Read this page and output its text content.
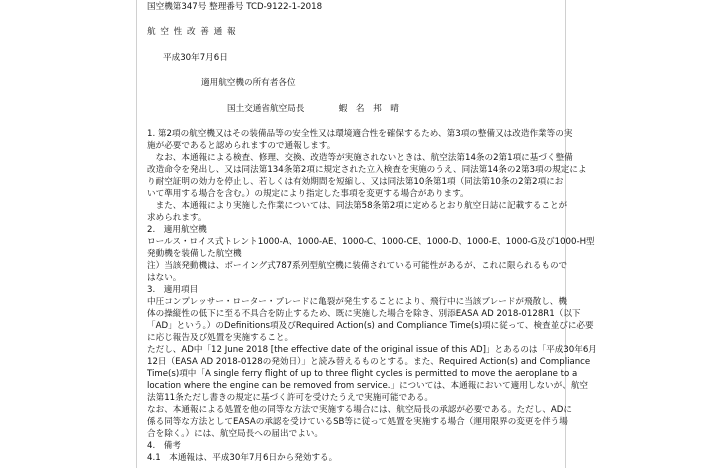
国空機第347号 整理番号 TCD-9122-1-2018
航 空 性 改 善 通 報
平成30年7月6日
適用航空機の所有者各位
国土交通省航空局長　　　　蝦　名　邦　晴
1. 第2項の航空機又はその装備品等の安全性又は環境適合性を確保するため、第3項の整備又は改造作業等の実
施が必要であると認められますので通報します。
　なお、本通報による検査、修理、交換、改造等が実施されないときは、航空法第14条の2第1項に基づく整備
改造命令を発出し、又は同法第134条第2項に規定された立入検査を実施のうえ、同法第14条の2第3項の規定によ
り耐空証明の効力を停止し、若しくは有効期間を短縮し、又は同法第10条第1項（同法第10条の2第2項にお
いて準用する場合を含む。）の規定により指定した事項を変更する場合があります。
　また、本通報により実施した作業については、同法第58条第2項に定めるとおり航空日誌に記載することが
求められます。
2.　適用航空機
ロールス・ロイス式トレント1000-A、1000-AE、1000-C、1000-CE、1000-D、1000-E、1000-G及び1000-H型
発動機を装備した航空機
注）当該発動機は、ボーイング式787系列型航空機に装備されている可能性があるが、これに限られるもので
はない。
3.　適用項目
中圧コンプレッサー・ローター・ブレードに亀裂が発生することにより、飛行中に当該ブレードが飛散し、機
体の操縦性の低下に至る不具合を防止するため、既に実施した場合を除き、別添EASA AD 2018-0128R1（以下
「AD」という。）のDefinitions項及びRequired Action(s) and Compliance Time(s)項に従って、検査並びに必要
に応じ報告及び処置を実施すること。
ただし、AD中「12 June 2018 [the effective date of the original issue of this AD]」とあるのは「平成30年6月
12日（EASA AD 2018-0128の発効日）」と読み替えるものとする。また、Required Action(s) and Compliance
Time(s)項中「A single ferry flight of up to three flight cycles is permitted to move the aeroplane to a
location where the engine can be removed from service.」については、本通報において適用しないが、航空
法第11条ただし書きの規定に基づく許可を受けたうえで実施可能である。
なお、本通報による処置を他の同等な方法で実施する場合には、航空局長の承認が必要である。ただし、ADに
係る同等な方法としてEASAの承認を受けているSB等に従って処置を実施する場合（運用限界の変更を伴う場
合を除く。）には、航空局長への届出でよい。
4.　備考
4.1　本通報は、平成30年7月6日から発効する。
